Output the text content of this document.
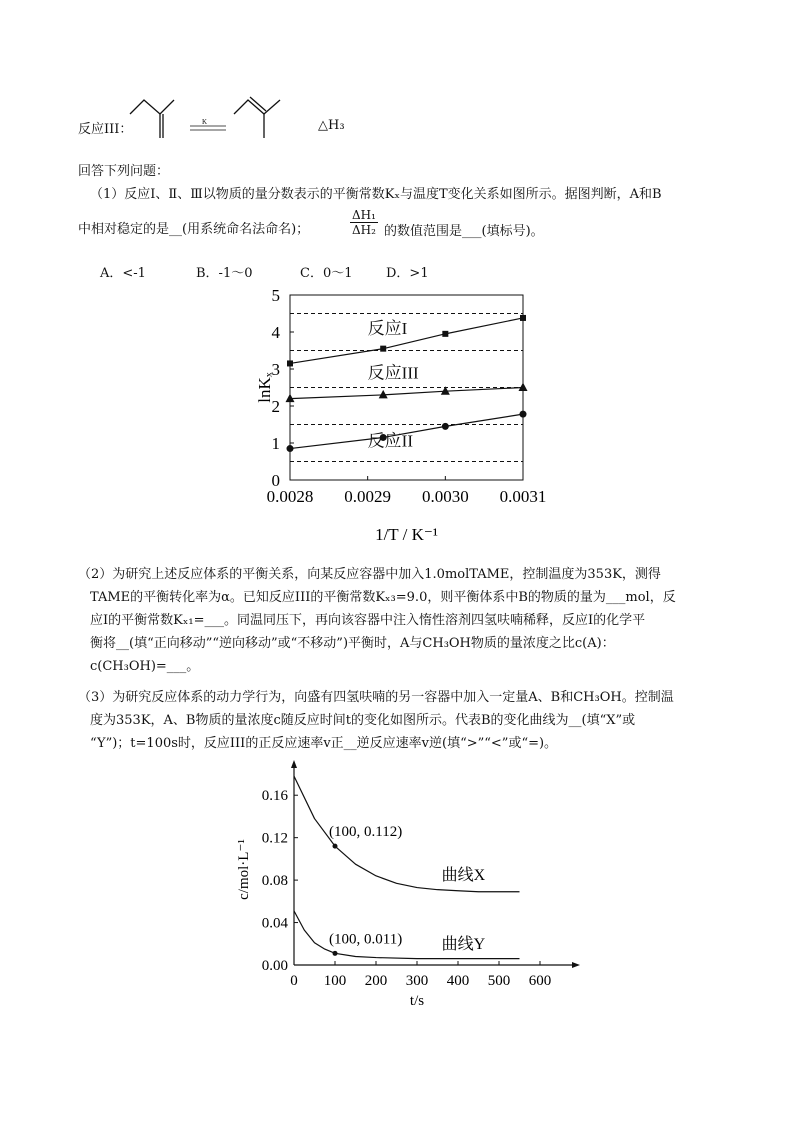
反应III：	K	△H₃
回答下列问题：
（1）反应Ⅰ、Ⅱ、Ⅲ以物质的量分数表示的平衡常数Kₓ与温度T变化关系如图所示。据图判断，A和B
中相对稳定的是__(用系统命名法命名)；	$\frac{\text{ΔH₁}}{\text{ΔH₂}}$ 的数值范围是___(填标号)。
A．<-1	B．-1～0	C．0～1	D．>1
0
1
2
3
4
5
0.0028 0.0029 0.0030 0.0031
lnKₓ
1/T / K⁻¹
反应I
反应III
反应II
（2）为研究上述反应体系的平衡关系，向某反应容器中加入1.0molTAME，控制温度为353K，测得
TAME的平衡转化率为α。已知反应III的平衡常数Kₓ₃=9.0，则平衡体系中B的物质的量为___mol，反
应Ⅰ的平衡常数Kₓ₁=___。同温同压下，再向该容器中注入惰性溶剂四氢呋喃稀释，反应Ⅰ的化学平
衡将__(填“正向移动”“逆向移动”或“不移动”)平衡时，A与CH₃OH物质的量浓度之比c(A)：
c(CH₃OH)=___。
（3）为研究反应体系的动力学行为，向盛有四氢呋喃的另一容器中加入一定量A、B和CH₃OH。控制温
度为353K，A、B物质的量浓度c随反应时间t的变化如图所示。代表B的变化曲线为__(填“X”或
“Y”)；t=100s时，反应III的正反应速率v正__逆反应速率v逆(填“>”“<”或“=)。
0.00
0.04
0.08
0.12
0.16
0 100 200 300 400 500 600
c/mol·L⁻¹
t/s
曲线X
曲线Y
(100, 0.112)
(100, 0.011)
